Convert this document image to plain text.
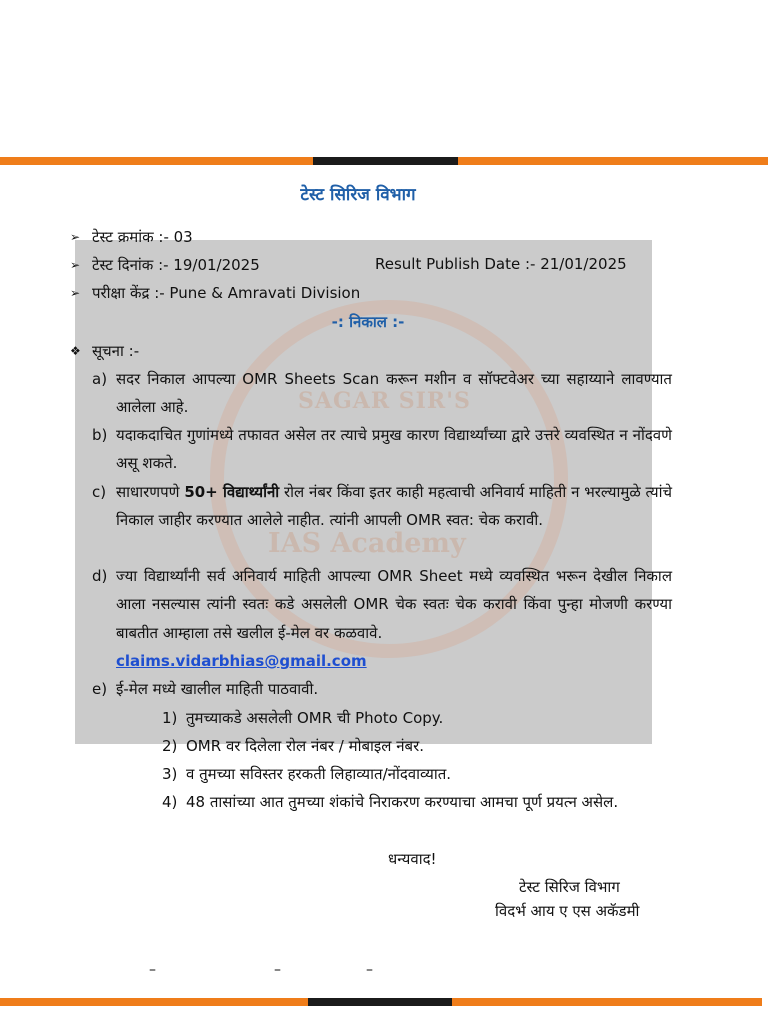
SAGAR SIR'S
IAS Academy
टेस्ट सिरिज विभाग
➢ टेस्ट क्रमांक :- 03
➢ टेस्ट दिनांक :- 19/01/2025	Result Publish Date :- 21/01/2025
➢ परीक्षा केंद्र :- Pune & Amravati Division
-: निकाल :-
❖ सूचना :-
a) सदर निकाल आपल्या OMR Sheets Scan करून मशीन व सॉफ्टवेअर च्या सहाय्याने लावण्यात आलेला आहे.
b) यदाकदाचित गुणांमध्ये तफावत असेल तर त्याचे प्रमुख कारण विद्यार्थ्यांच्या द्वारे उत्तरे व्यवस्थित न नोंदवणे असू शकते.
c) साधारणपणे 50+ विद्यार्थ्यांनी रोल नंबर किंवा इतर काही महत्वाची अनिवार्य माहिती न भरल्यामुळे त्यांचे निकाल जाहीर करण्यात आलेले नाहीत. त्यांनी आपली OMR स्वत: चेक करावी.
d) ज्या विद्यार्थ्यांनी सर्व अनिवार्य माहिती आपल्या OMR Sheet मध्ये व्यवस्थित भरून देखील निकाल आला नसल्यास त्यांनी स्वतः कडे असलेली OMR चेक स्वतः चेक करावी किंवा पुन्हा मोजणी करण्या बाबतीत आम्हाला तसे खलील ई-मेल वर कळवावे.
claims.vidarbhias@gmail.com
e) ई-मेल मध्ये खालील माहिती पाठवावी.
1) तुमच्याकडे असलेली OMR ची Photo Copy.
2) OMR वर दिलेला रोल नंबर / मोबाइल नंबर.
3) व तुमच्या सविस्तर हरकती लिहाव्यात/नोंदवाव्यात.
4) 48 तासांच्या आत तुमच्या शंकांचे निराकरण करण्याचा आमचा पूर्ण प्रयत्न असेल.
धन्यवाद!
टेस्ट सिरिज विभाग
विदर्भ आय ए एस अकॅडमी
–	–	–
